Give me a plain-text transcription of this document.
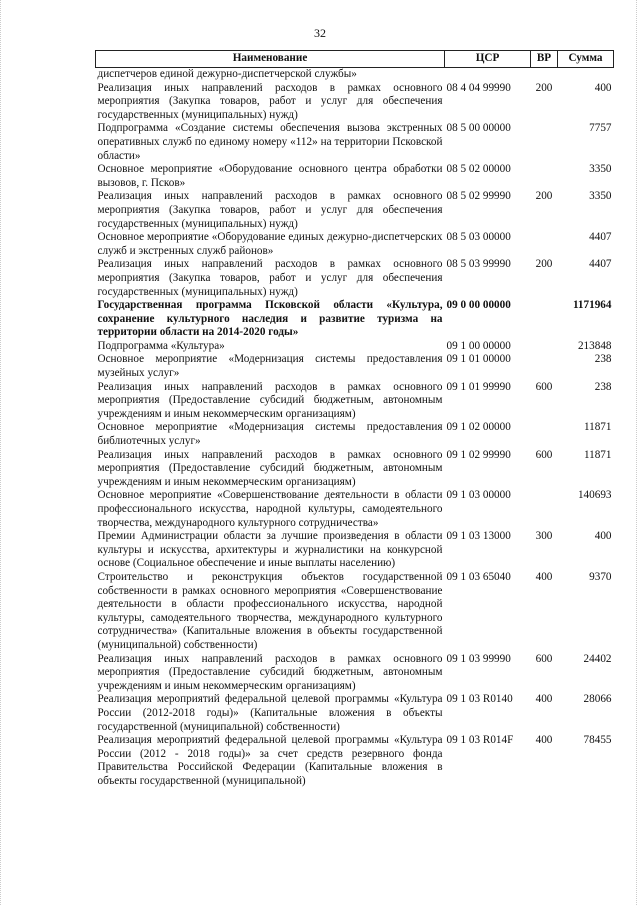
32
Наименование	ЦСР	ВР	Сумма
диспетчеров единой дежурно-диспетчерской службы»			
Реализация иных направлений расходов в рамках основного мероприятия (Закупка товаров, работ и услуг для обеспечения государственных (муниципальных) нужд)	08 4 04 99990	200	400
Подпрограмма «Создание системы обеспечения вызова экстренных оперативных служб по единому номеру «112» на территории Псковской области»	08 5 00 00000		7757
Основное мероприятие «Оборудование основного центра обработки вызовов, г. Псков»	08 5 02 00000		3350
Реализация иных направлений расходов в рамках основного мероприятия (Закупка товаров, работ и услуг для обеспечения государственных (муниципальных) нужд)	08 5 02 99990	200	3350
Основное мероприятие «Оборудование единых дежурно-диспетчерских служб и экстренных служб районов»	08 5 03 00000		4407
Реализация иных направлений расходов в рамках основного мероприятия (Закупка товаров, работ и услуг для обеспечения государственных (муниципальных) нужд)	08 5 03 99990	200	4407
Государственная программа Псковской области «Культура, сохранение культурного наследия и развитие туризма на территории области на 2014-2020 годы»	09 0 00 00000		1171964
Подпрограмма «Культура»	09 1 00 00000		213848
Основное мероприятие «Модернизация системы предоставления музейных услуг»	09 1 01 00000		238
Реализация иных направлений расходов в рамках основного мероприятия (Предоставление субсидий бюджетным, автономным учреждениям и иным некоммерческим организациям)	09 1 01 99990	600	238
Основное мероприятие «Модернизация системы предоставления библиотечных услуг»	09 1 02 00000		11871
Реализация иных направлений расходов в рамках основного мероприятия (Предоставление субсидий бюджетным, автономным учреждениям и иным некоммерческим организациям)	09 1 02 99990	600	11871
Основное мероприятие «Совершенствование деятельности в области профессионального искусства, народной культуры, самодеятельного творчества, международного культурного сотрудничества»	09 1 03 00000		140693
Премии Администрации области за лучшие произведения в области культуры и искусства, архитектуры и журналистики на конкурсной основе (Социальное обеспечение и иные выплаты населению)	09 1 03 13000	300	400
Строительство и реконструкция объектов государственной собственности в рамках основного мероприятия «Совершенствование деятельности в области профессионального искусства, народной культуры, самодеятельного творчества, международного культурного сотрудничества» (Капитальные вложения в объекты государственной (муниципальной) собственности)	09 1 03 65040	400	9370
Реализация иных направлений расходов в рамках основного мероприятия (Предоставление субсидий бюджетным, автономным учреждениям и иным некоммерческим организациям)	09 1 03 99990	600	24402
Реализация мероприятий федеральной целевой программы «Культура России (2012-2018 годы)» (Капитальные вложения в объекты государственной (муниципальной) собственности)	09 1 03 R0140	400	28066
Реализация мероприятий федеральной целевой программы «Культура России (2012 - 2018 годы)» за счет средств резервного фонда Правительства Российской Федерации (Капитальные вложения в объекты государственной (муниципальной)	09 1 03 R014F	400	78455
